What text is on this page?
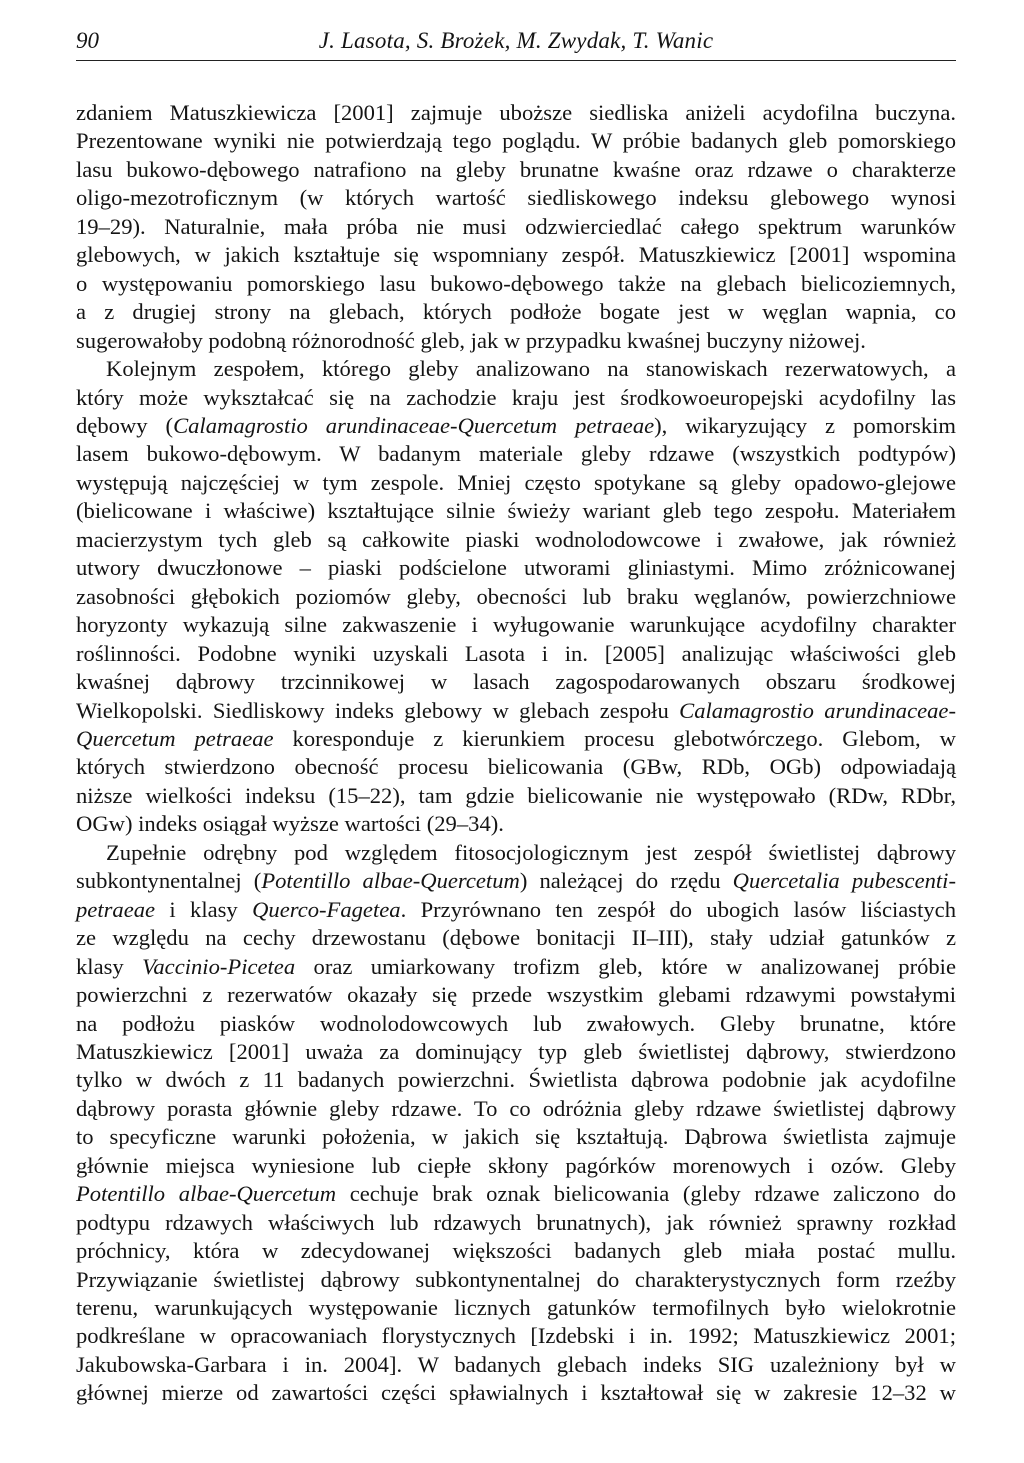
90	J. Lasota, S. Brożek, M. Zwydak, T. Wanic

zdaniem Matuszkiewicza [2001] zajmuje uboższe siedliska aniżeli acydofilna buczyna.

Prezentowane wyniki nie potwierdzają tego poglądu. W próbie badanych gleb pomorskiego

lasu bukowo-dębowego natrafiono na gleby brunatne kwaśne oraz rdzawe o charakterze

oligo-mezotroficznym (w których wartość siedliskowego indeksu glebowego wynosi

19–29). Naturalnie, mała próba nie musi odzwierciedlać całego spektrum warunków

glebowych, w jakich kształtuje się wspomniany zespół. Matuszkiewicz [2001] wspomina

o występowaniu pomorskiego lasu bukowo-dębowego także na glebach bielicoziemnych,

a z drugiej strony na glebach, których podłoże bogate jest w węglan wapnia, co

sugerowałoby podobną różnorodność gleb, jak w przypadku kwaśnej buczyny niżowej.

Kolejnym zespołem, którego gleby analizowano na stanowiskach rezerwatowych, a

który może wykształcać się na zachodzie kraju jest środkowoeuropejski acydofilny las

dębowy (Calamagrostio arundinaceae-Quercetum petraeae), wikaryzujący z pomorskim

lasem bukowo-dębowym. W badanym materiale gleby rdzawe (wszystkich podtypów)

występują najczęściej w tym zespole. Mniej często spotykane są gleby opadowo-glejowe

(bielicowane i właściwe) kształtujące silnie świeży wariant gleb tego zespołu. Materiałem

macierzystym tych gleb są całkowite piaski wodnolodowcowe i zwałowe, jak również

utwory dwuczłonowe – piaski podścielone utworami gliniastymi. Mimo zróżnicowanej

zasobności głębokich poziomów gleby, obecności lub braku węglanów, powierzchniowe

horyzonty wykazują silne zakwaszenie i wyługowanie warunkujące acydofilny charakter

roślinności. Podobne wyniki uzyskali Lasota i in. [2005] analizując właściwości gleb

kwaśnej dąbrowy trzcinnikowej w lasach zagospodarowanych obszaru środkowej

Wielkopolski. Siedliskowy indeks glebowy w glebach zespołu Calamagrostio arundinaceae-

Quercetum petraeae koresponduje z kierunkiem procesu glebotwórczego. Glebom, w

których stwierdzono obecność procesu bielicowania (GBw, RDb, OGb) odpowiadają

niższe wielkości indeksu (15–22), tam gdzie bielicowanie nie występowało (RDw, RDbr,

OGw) indeks osiągał wyższe wartości (29–34).

Zupełnie odrębny pod względem fitosocjologicznym jest zespół świetlistej dąbrowy

subkontynentalnej (Potentillo albae-Quercetum) należącej do rzędu Quercetalia pubescenti-

petraeae i klasy Querco-Fagetea. Przyrównano ten zespół do ubogich lasów liściastych

ze względu na cechy drzewostanu (dębowe bonitacji II–III), stały udział gatunków z

klasy Vaccinio-Picetea oraz umiarkowany trofizm gleb, które w analizowanej próbie

powierzchni z rezerwatów okazały się przede wszystkim glebami rdzawymi powstałymi

na podłożu piasków wodnolodowcowych lub zwałowych. Gleby brunatne, które

Matuszkiewicz [2001] uważa za dominujący typ gleb świetlistej dąbrowy, stwierdzono

tylko w dwóch z 11 badanych powierzchni. Świetlista dąbrowa podobnie jak acydofilne

dąbrowy porasta głównie gleby rdzawe. To co odróżnia gleby rdzawe świetlistej dąbrowy

to specyficzne warunki położenia, w jakich się kształtują. Dąbrowa świetlista zajmuje

głównie miejsca wyniesione lub ciepłe skłony pagórków morenowych i ozów. Gleby

Potentillo albae-Quercetum cechuje brak oznak bielicowania (gleby rdzawe zaliczono do

podtypu rdzawych właściwych lub rdzawych brunatnych), jak również sprawny rozkład

próchnicy, która w zdecydowanej większości badanych gleb miała postać mullu.

Przywiązanie świetlistej dąbrowy subkontynentalnej do charakterystycznych form rzeźby

terenu, warunkujących występowanie licznych gatunków termofilnych było wielokrotnie

podkreślane w opracowaniach florystycznych [Izdebski i in. 1992; Matuszkiewicz 2001;

Jakubowska-Garbara i in. 2004]. W badanych glebach indeks SIG uzależniony był w

głównej mierze od zawartości części spławialnych i kształtował się w zakresie 12–32 w
